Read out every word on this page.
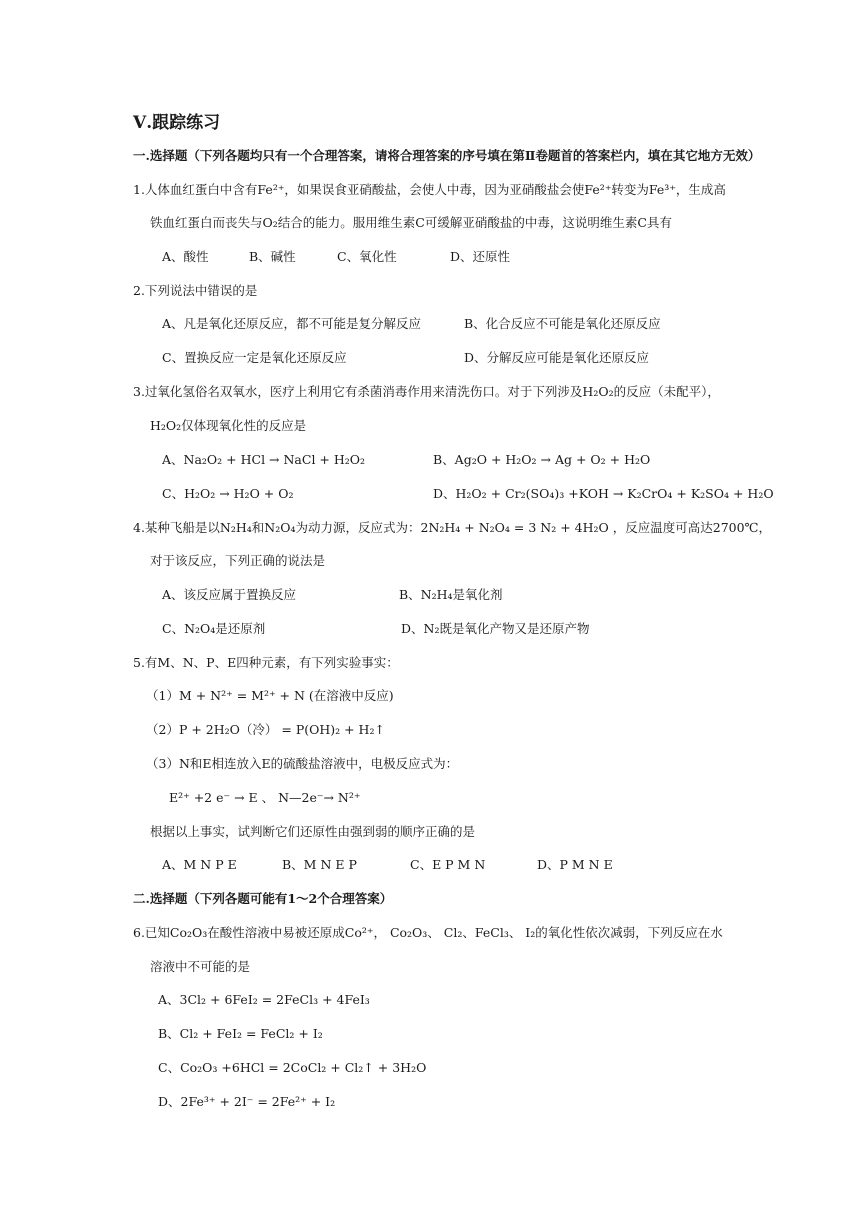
Ⅴ.跟踪练习
一.选择题（下列各题均只有一个合理答案，请将合理答案的序号填在第Ⅱ卷题首的答案栏内，填在其它地方无效）
1.人体血红蛋白中含有Fe²⁺，如果误食亚硝酸盐，会使人中毒，因为亚硝酸盐会使Fe²⁺转变为Fe³⁺，生成高
铁血红蛋白而丧失与O₂结合的能力。服用维生素C可缓解亚硝酸盐的中毒，这说明维生素C具有
A、酸性	B、碱性	C、氧化性	D、还原性
2.下列说法中错误的是
A、凡是氧化还原反应，都不可能是复分解反应	B、化合反应不可能是氧化还原反应
C、置换反应一定是氧化还原反应	D、分解反应可能是氧化还原反应
3.过氧化氢俗名双氧水，医疗上利用它有杀菌消毒作用来清洗伤口。对于下列涉及H₂O₂的反应（未配平），
H₂O₂仅体现氧化性的反应是
A、Na₂O₂ + HCl → NaCl + H₂O₂	B、Ag₂O + H₂O₂ → Ag + O₂ + H₂O
C、H₂O₂ → H₂O + O₂	D、H₂O₂ + Cr₂(SO₄)₃ +KOH → K₂CrO₄ + K₂SO₄ + H₂O
4.某种飞船是以N₂H₄和N₂O₄为动力源，反应式为：2N₂H₄ + N₂O₄ = 3 N₂ + 4H₂O ，反应温度可高达2700℃，
对于该反应，下列正确的说法是
A、该反应属于置换反应	B、N₂H₄是氧化剂
C、N₂O₄是还原剂	D、N₂既是氧化产物又是还原产物
5.有M、N、P、E四种元素，有下列实验事实：
（1）M + N²⁺ = M²⁺ + N (在溶液中反应)
（2）P + 2H₂O（冷） = P(OH)₂ + H₂↑
（3）N和E相连放入E的硫酸盐溶液中，电极反应式为：
E²⁺ +2 e⁻ → E 、 N—2e⁻→ N²⁺
根据以上事实，试判断它们还原性由强到弱的顺序正确的是
A、M N P E	B、M N E P	C、E P M N	D、P M N E
二.选择题（下列各题可能有1～2个合理答案）
6.已知Co₂O₃在酸性溶液中易被还原成Co²⁺， Co₂O₃、 Cl₂、FeCl₃、 I₂的氧化性依次减弱，下列反应在水
溶液中不可能的是
A、3Cl₂ + 6FeI₂ = 2FeCl₃ + 4FeI₃
B、Cl₂ + FeI₂ = FeCl₂ + I₂
C、Co₂O₃ +6HCl = 2CoCl₂ + Cl₂↑ + 3H₂O
D、2Fe³⁺ + 2I⁻ = 2Fe²⁺ + I₂
